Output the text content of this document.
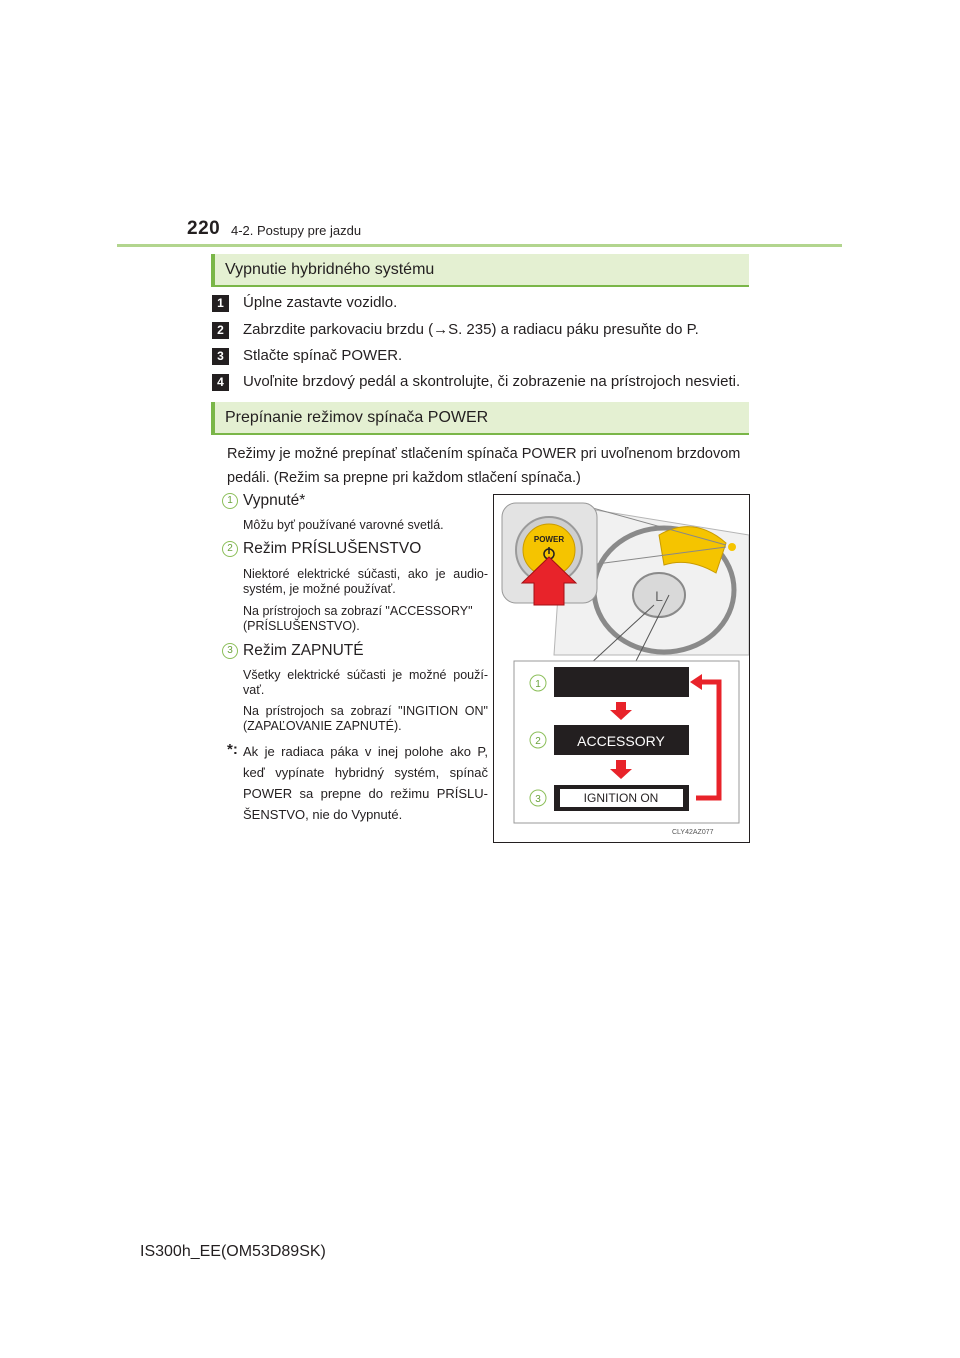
220 4-2. Postupy pre jazdu
Vypnutie hybridného systému
1	Úplne zastavte vozidlo.
2	Zabrzdite parkovaciu brzdu (→S. 235) a radiacu páku presuňte do P.
3	Stlačte spínač POWER.
4	Uvoľnite brzdový pedál a skontrolujte, či zobrazenie na prístrojoch nesvieti.
Prepínanie režimov spínača POWER
Režimy je možné prepínať stlačením spínača POWER pri uvoľnenom brzdovom
pedáli. (Režim sa prepne pri každom stlačení spínača.)
1 Vypnuté*
Môžu byť používané varovné svetlá.
2 Režim PRÍSLUŠENSTVO
Niektoré elektrické súčasti, ako je audio-systém, je možné používať.
Na prístrojoch sa zobrazí "ACCESSORY" (PRÍSLUŠENSTVO).
3 Režim ZAPNUTÉ
Všetky elektrické súčasti je možné použí-vať.
Na prístrojoch sa zobrazí "INGITION ON" (ZAPAĽOVANIE ZAPNUTÉ).
*: Ak je radiaca páka v inej polohe ako P, keď vypínate hybridný systém, spínač POWER sa prepne do režimu PRÍSLU-ŠENSTVO, nie do Vypnuté.
L
POWER
ACCESSORY
IGNITION ON
1
2
3
CLY42AZ077
IS300h_EE(OM53D89SK)
